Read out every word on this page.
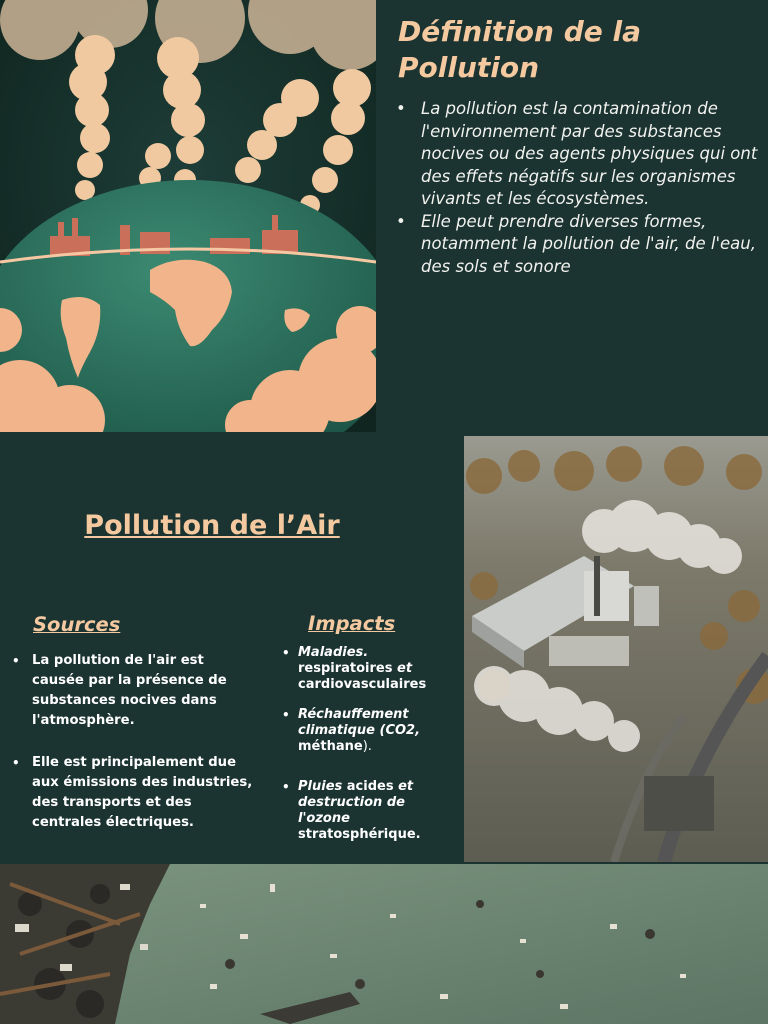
Définition de la Pollution
• La pollution est la contamination de l'environnement par des substances nocives ou des agents physiques qui ont des effets négatifs sur les organismes vivants et les écosystèmes.
• Elle peut prendre diverses formes, notamment la pollution de l'air, de l'eau, des sols et sonore
Pollution de l’Air
Sources
• La pollution de l'air est causée par la présence de substances nocives dans l'atmosphère.
• Elle est principalement due aux émissions des industries, des transports et des centrales électriques.
Impacts
• Maladies.
respiratoires et
cardiovasculaires
• Réchauffement climatique (CO2, méthane).
• Pluies acides et destruction de l'ozone
stratosphérique.
